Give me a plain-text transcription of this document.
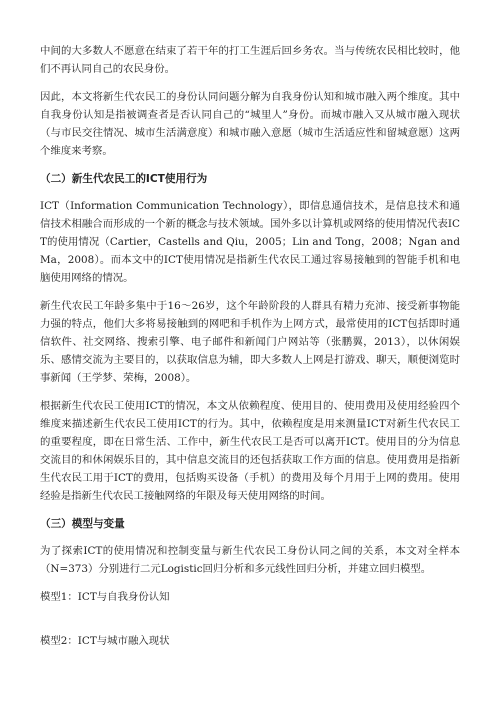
中间的大多数人不愿意在结束了若干年的打工生涯后回乡务农。当与传统农民相比较时，他们不再认同自己的农民身份。

因此，本文将新生代农民工的身份认同问题分解为自我身份认知和城市融入两个维度。其中自我身份认知是指被调查者是否认同自己的“城里人”身份。而城市融入又从城市融入现状（与市民交往情况、城市生活满意度）和城市融入意愿（城市生活适应性和留城意愿）这两个维度来考察。

（二）新生代农民工的ICT使用行为

ICT（Information Communication Technology），即信息通信技术，是信息技术和通信技术相融合而形成的一个新的概念与技术领域。国外多以计算机或网络的使用情况代表ICT的使用情况（Cartier，Castells and Qiu，2005；Lin and Tong，2008；Ngan and Ma，2008）。而本文中的ICT使用情况是指新生代农民工通过容易接触到的智能手机和电脑使用网络的情况。

新生代农民工年龄多集中于16～26岁，这个年龄阶段的人群具有精力充沛、接受新事物能力强的特点，他们大多将易接触到的网吧和手机作为上网方式，最常使用的ICT包括即时通信软件、社交网络、搜索引擎、电子邮件和新闻门户网站等（张鹏翼，2013），以休闲娱乐、感情交流为主要目的，以获取信息为辅，即大多数人上网是打游戏、聊天，顺便浏览时事新闻（王学梦、荣梅，2008）。

根据新生代农民工使用ICT的情况，本文从依赖程度、使用目的、使用费用及使用经验四个维度来描述新生代农民工使用ICT的行为。其中，依赖程度是用来测量ICT对新生代农民工的重要程度，即在日常生活、工作中，新生代农民工是否可以离开ICT。使用目的分为信息交流目的和休闲娱乐目的，其中信息交流目的还包括获取工作方面的信息。使用费用是指新生代农民工用于ICT的费用，包括购买设备（手机）的费用及每个月用于上网的费用。使用经验是指新生代农民工接触网络的年限及每天使用网络的时间。

（三）模型与变量

为了探索ICT的使用情况和控制变量与新生代农民工身份认同之间的关系，本文对全样本（N=373）分别进行二元Logistic回归分析和多元线性回归分析，并建立回归模型。

模型1：ICT与自我身份认知
模型2：ICT与城市融入现状
